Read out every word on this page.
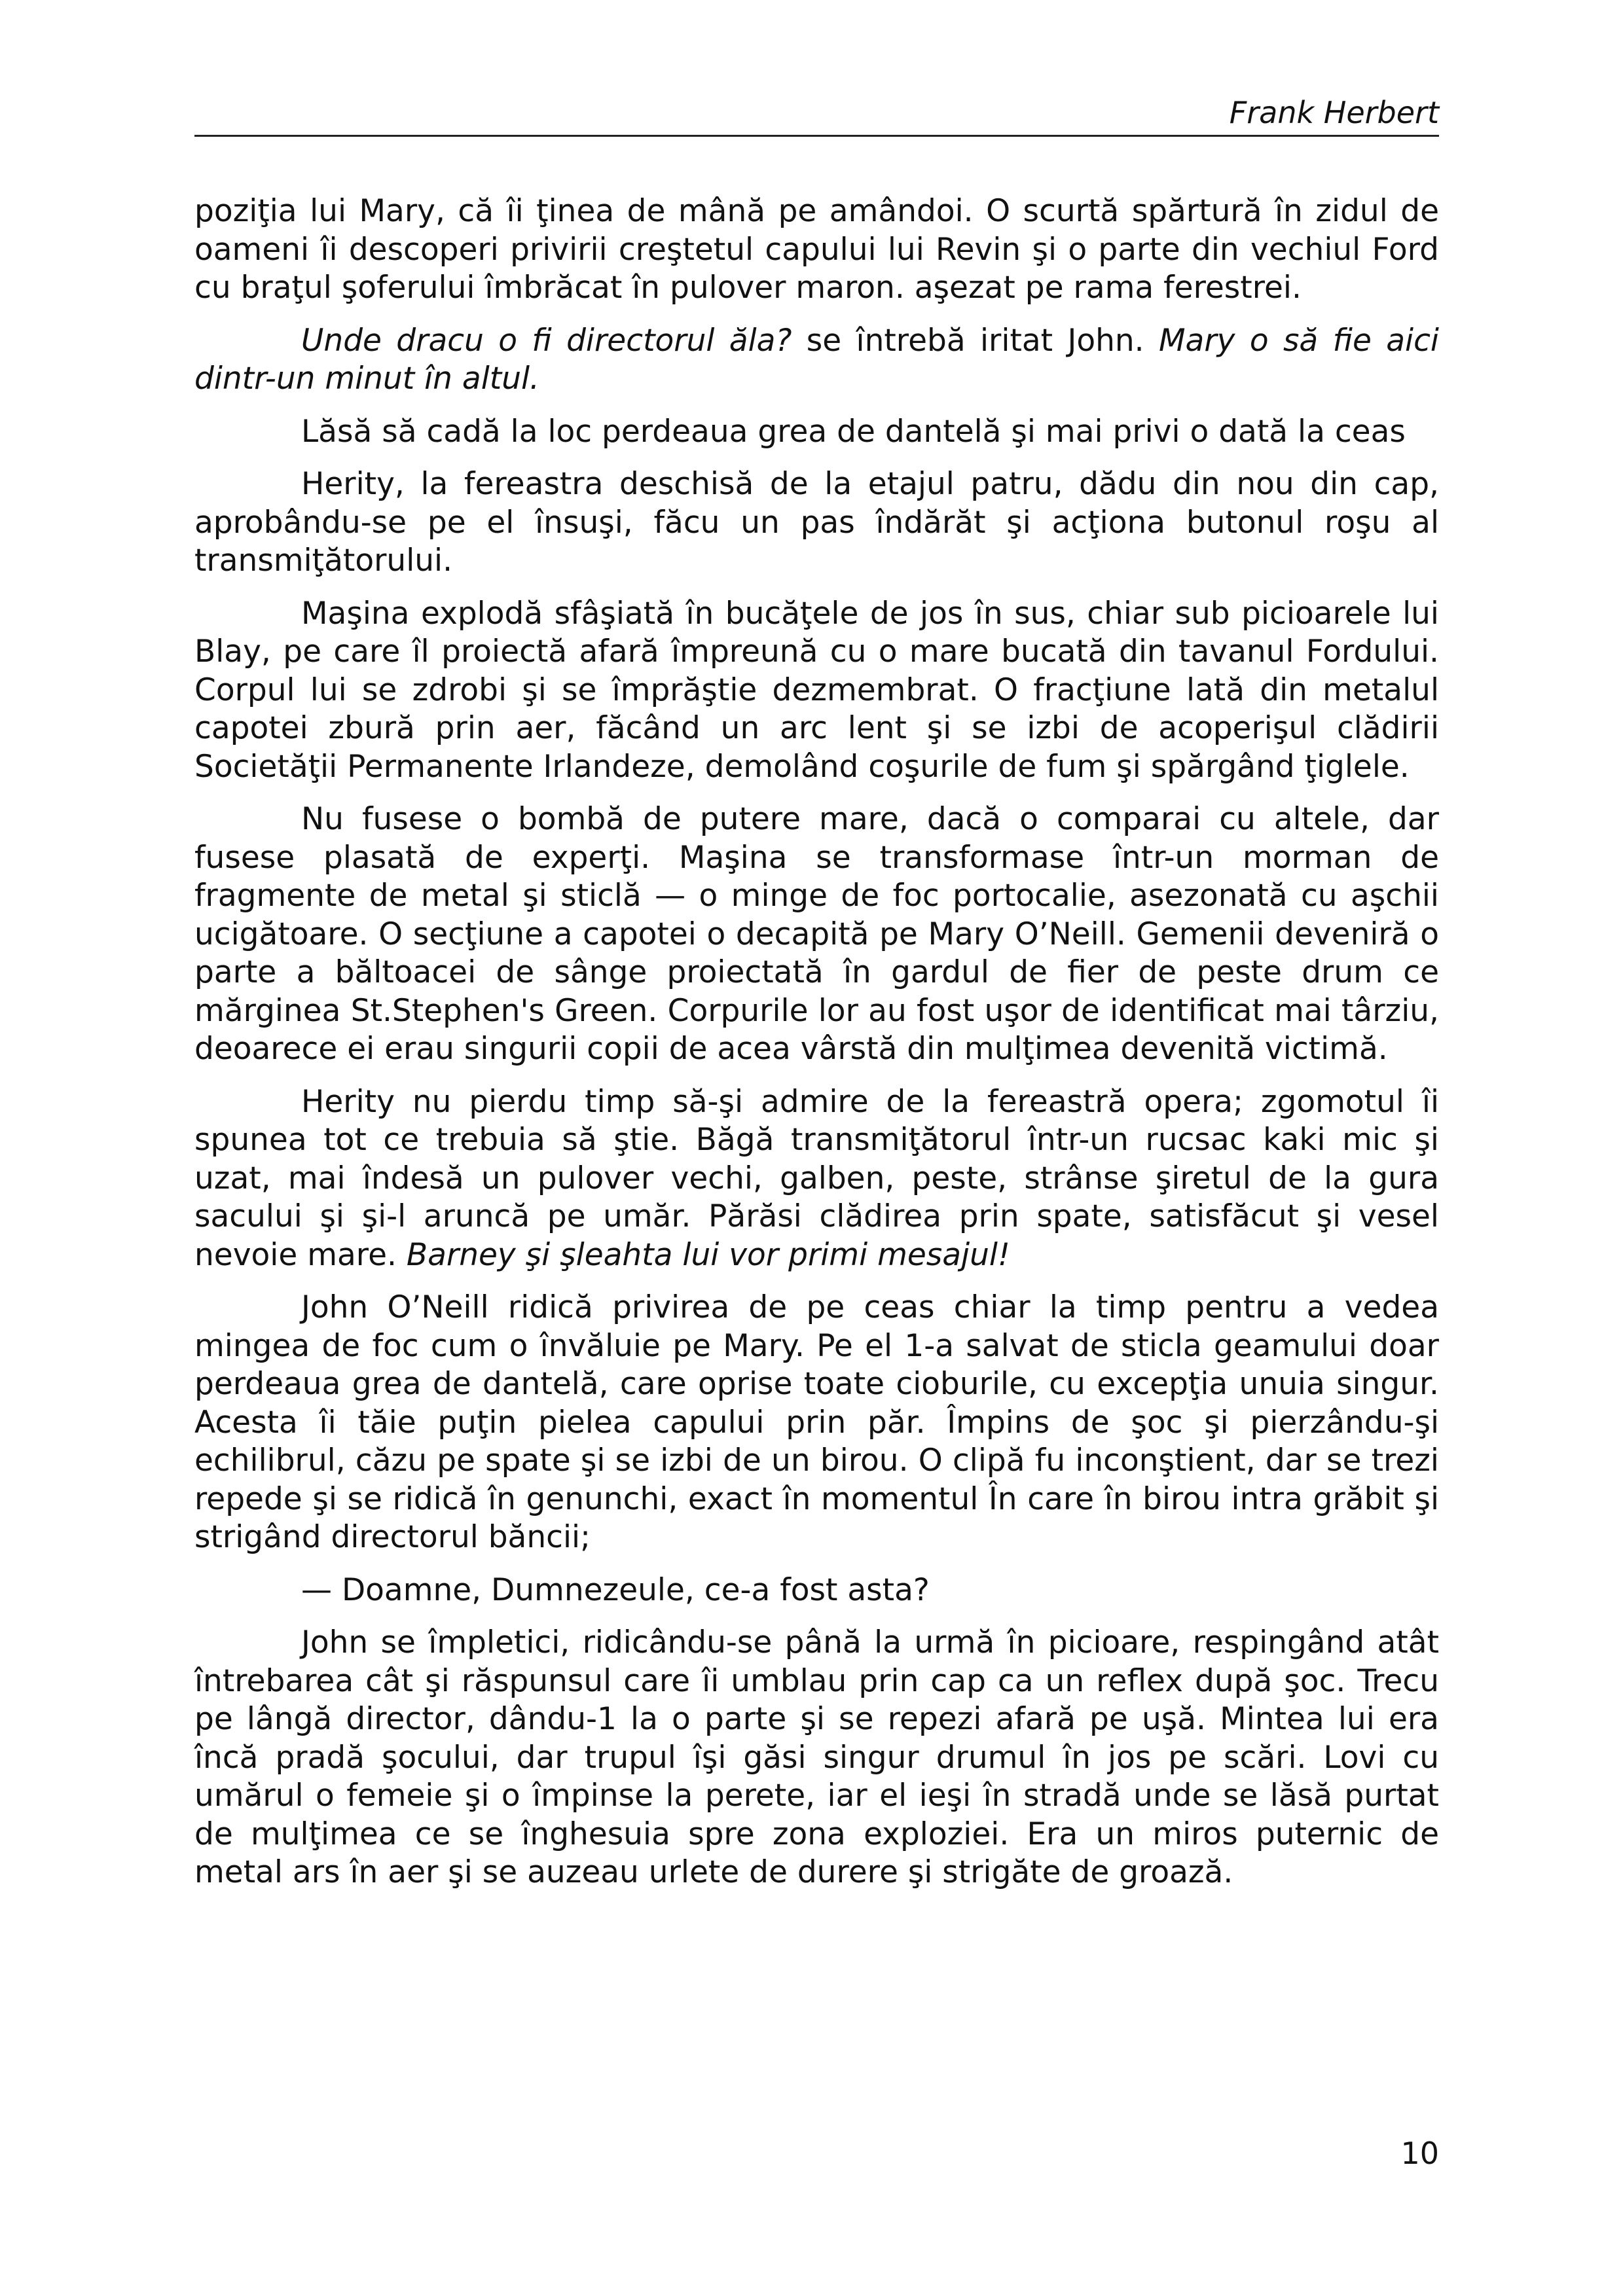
Frank Herbert

poziţia lui Mary, că îi ţinea de mână pe amândoi. O scurtă spărtură în zidul de oameni îi descoperi privirii creştetul capului lui Revin şi o parte din vechiul Ford cu braţul şoferului îmbrăcat în pulover maron. aşezat pe rama ferestrei.

Unde dracu o fi directorul ăla? se întrebă iritat John. Mary o să fie aici dintr-un minut în altul.

Lăsă să cadă la loc perdeaua grea de dantelă şi mai privi o dată la ceas

Herity, la fereastra deschisă de la etajul patru, dădu din nou din cap, aprobându-se pe el însuşi, făcu un pas îndărăt şi acţiona butonul roşu al transmiţătorului.

Maşina explodă sfâşiată în bucăţele de jos în sus, chiar sub picioarele lui Blay, pe care îl proiectă afară împreună cu o mare bucată din tavanul Fordului. Corpul lui se zdrobi şi se împrăştie dezmembrat. O fracţiune lată din metalul capotei zbură prin aer, făcând un arc lent şi se izbi de acoperişul clădirii Societăţii Permanente Irlandeze, demolând coşurile de fum şi spărgând ţiglele.

Nu fusese o bombă de putere mare, dacă o comparai cu altele, dar fusese plasată de experţi. Maşina se transformase într-un morman de fragmente de metal şi sticlă — o minge de foc portocalie, asezonată cu aşchii ucigătoare. O secţiune a capotei o decapită pe Mary O’Neill. Gemenii deveniră o parte a băltoacei de sânge proiectată în gardul de fier de peste drum ce mărginea St.Stephen's Green. Corpurile lor au fost uşor de identificat mai târziu, deoarece ei erau singurii copii de acea vârstă din mulţimea devenită victimă.

Herity nu pierdu timp să-şi admire de la fereastră opera; zgomotul îi spunea tot ce trebuia să ştie. Băgă transmiţătorul într-un rucsac kaki mic şi uzat, mai îndesă un pulover vechi, galben, peste, strânse şiretul de la gura sacului şi şi-l aruncă pe umăr. Părăsi clădirea prin spate, satisfăcut şi vesel nevoie mare. Barney şi şleahta lui vor primi mesajul!

John O’Neill ridică privirea de pe ceas chiar la timp pentru a vedea mingea de foc cum o învăluie pe Mary. Pe el 1-a salvat de sticla geamului doar perdeaua grea de dantelă, care oprise toate cioburile, cu excepţia unuia singur. Acesta îi tăie puţin pielea capului prin păr. Împins de şoc şi pierzându-şi echilibrul, căzu pe spate şi se izbi de un birou. O clipă fu inconştient, dar se trezi repede şi se ridică în genunchi, exact în momentul În care în birou intra grăbit şi strigând directorul băncii;

— Doamne, Dumnezeule, ce-a fost asta?

John se împletici, ridicându-se până la urmă în picioare, respingând atât întrebarea cât şi răspunsul care îi umblau prin cap ca un reflex după şoc. Trecu pe lângă director, dându-1 la o parte şi se repezi afară pe uşă. Mintea lui era încă pradă şocului, dar trupul îşi găsi singur drumul în jos pe scări. Lovi cu umărul o femeie şi o împinse la perete, iar el ieşi în stradă unde se lăsă purtat de mulţimea ce se înghesuia spre zona exploziei. Era un miros puternic de metal ars în aer şi se auzeau urlete de durere şi strigăte de groază.

10
